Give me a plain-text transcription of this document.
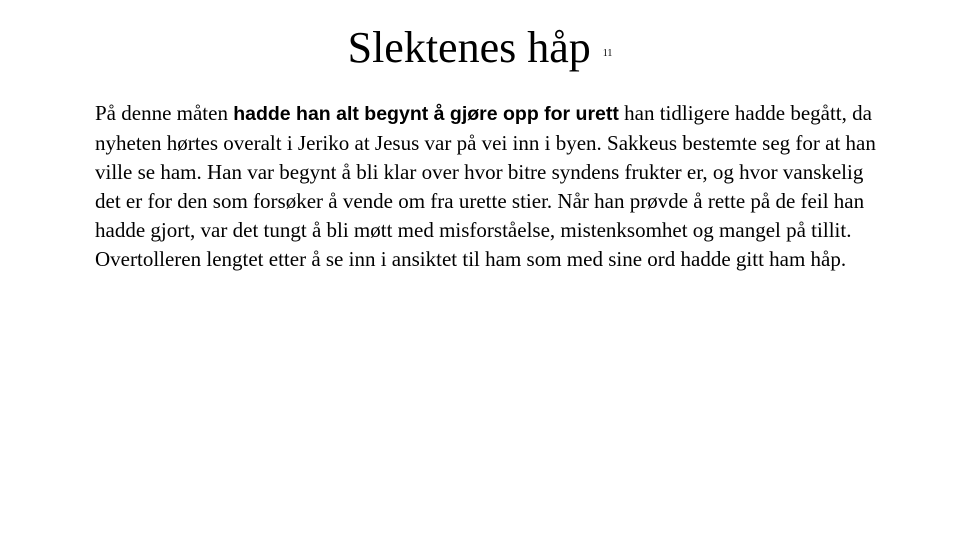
Slektenes håp 11

På denne måten hadde han alt begynt å gjøre opp for urett han tidligere hadde begått, da nyheten hørtes overalt i Jeriko at Jesus var på vei inn i byen. Sakkeus bestemte seg for at han ville se ham. Han var begynt å bli klar over hvor bitre syndens frukter er, og hvor vanskelig det er for den som forsøker å vende om fra urette stier. Når han prøvde å rette på de feil han hadde gjort, var det tungt å bli møtt med misforståelse, mistenksomhet og mangel på tillit. Overtolleren lengtet etter å se inn i ansiktet til ham som med sine ord hadde gitt ham håp.
